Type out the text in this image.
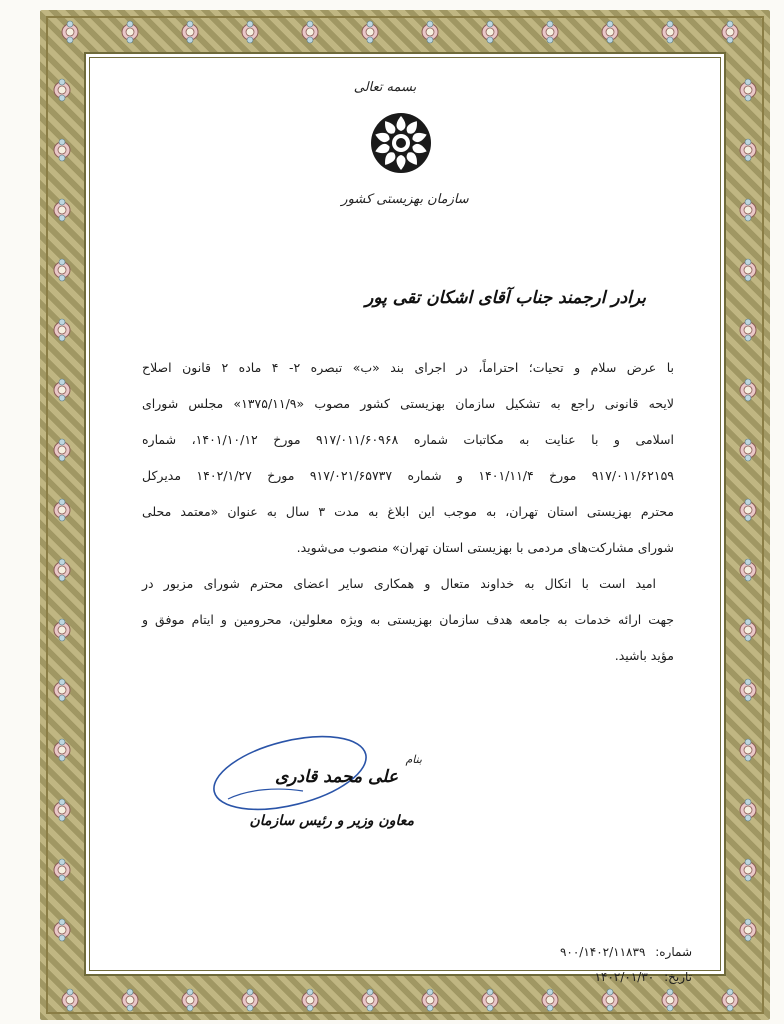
بسمه تعالی
سازمان بهزیستی کشور
برادر ارجمند جناب آقای اشکان تقی پور
با عرض سلام و تحیات؛ احتراماً، در اجرای بند «ب» تبصره ۲- ۴ ماده ۲ قانون اصلاح
لایحه قانونی راجع به تشکیل سازمان بهزیستی کشور مصوب «۱۳۷۵/۱۱/۹» مجلس شورای
اسلامی و با عنایت به مکاتبات شماره ۹۱۷/۰۱۱/۶۰۹۶۸ مورخ ۱۴۰۱/۱۰/۱۲، شماره
۹۱۷/۰۱۱/۶۲۱۵۹ مورخ ۱۴۰۱/۱۱/۴ و شماره ۹۱۷/۰۲۱/۶۵۷۳۷ مورخ ۱۴۰۲/۱/۲۷ مدیرکل
محترم بهزیستی استان تهران، به موجب این ابلاغ به مدت ۳ سال به عنوان «معتمد محلی
شورای مشارکت‌های مردمی با بهزیستی استان تهران» منصوب می‌شوید.
امید است با اتکال به خداوند متعال و همکاری سایر اعضای محترم شورای مزبور در
جهت ارائه خدمات به جامعه هدف سازمان بهزیستی به ویژه معلولین، محرومین و ایتام موفق و
مؤید باشید.
بنام
علی محمد قادری
معاون وزیر و رئیس سازمان
شماره: ۹۰۰/۱۴۰۲/۱۱۸۳۹
تاریخ: ۱۴۰۲/۰۱/۳۰
